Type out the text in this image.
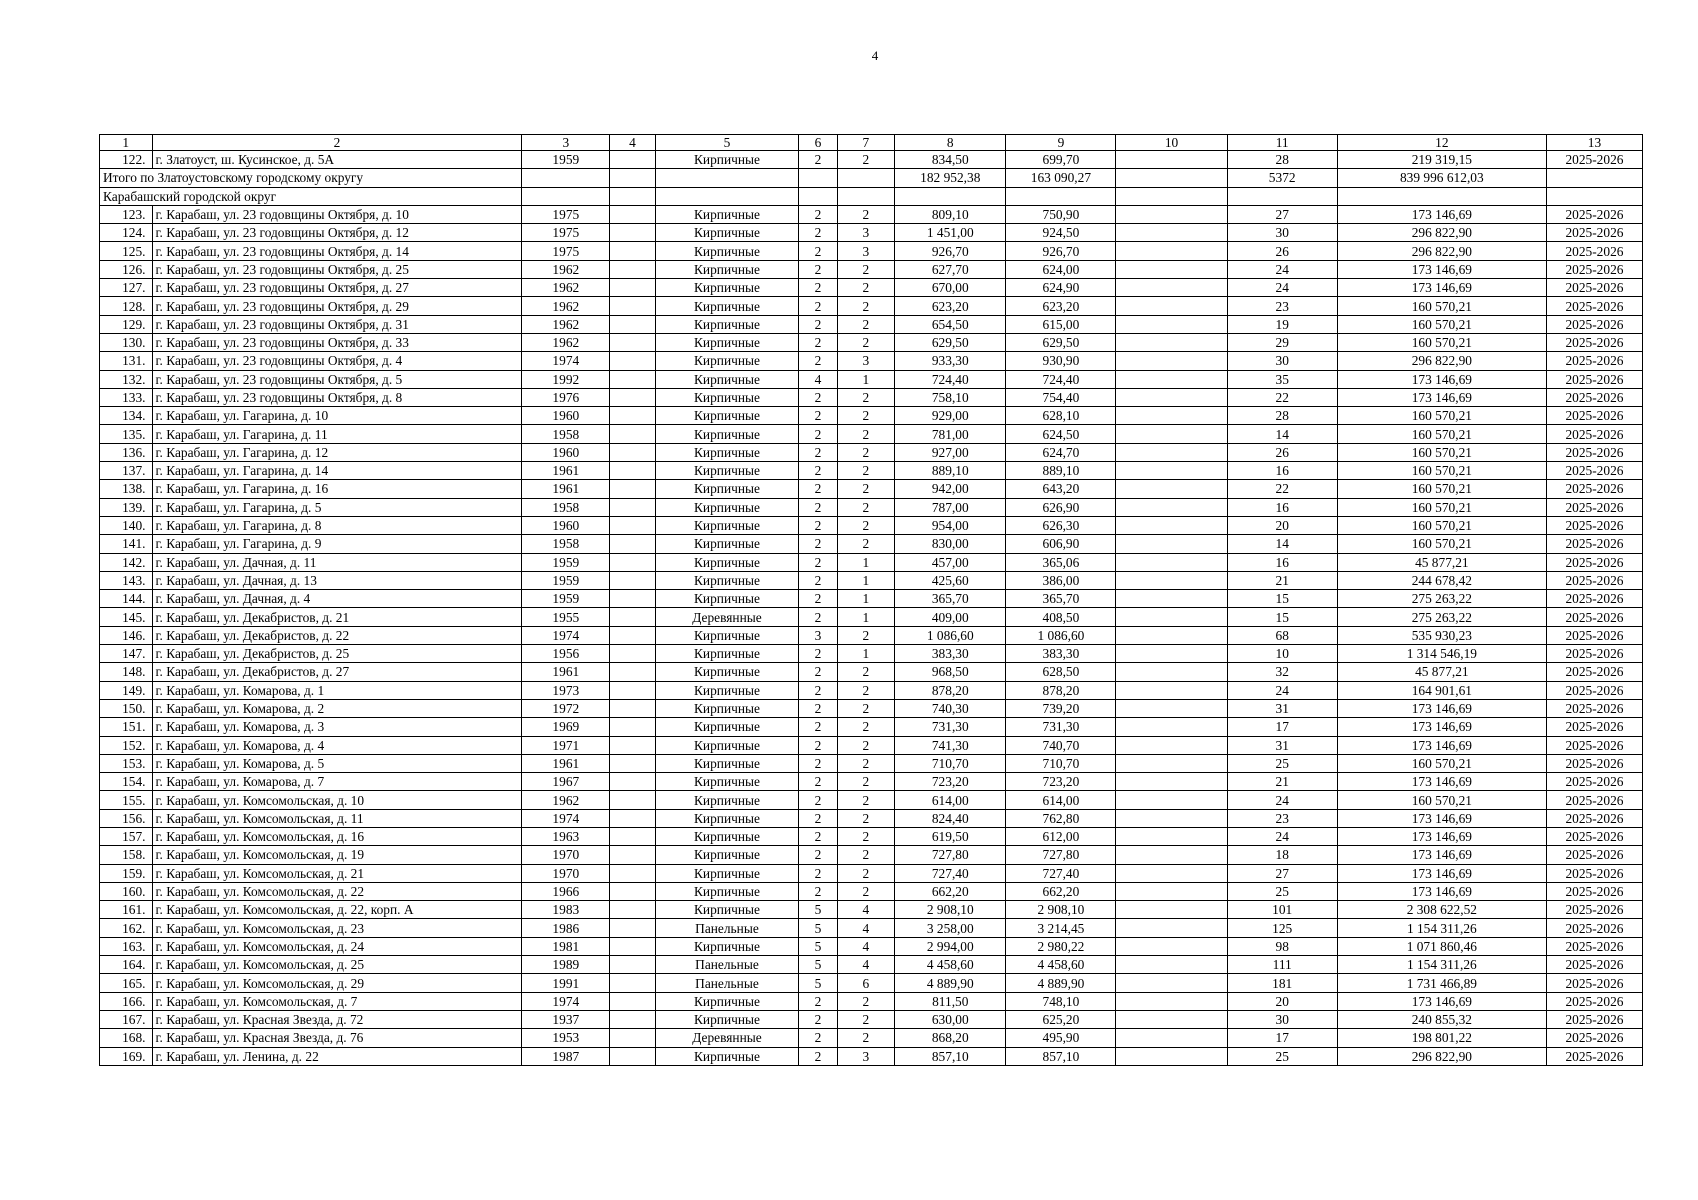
4
1	2	3	4	5	6	7	8	9	10	11	12	13
122.	г. Златоуст, ш. Кусинское, д. 5А	1959		Кирпичные	2	2	834,50	699,70		28	219 319,15	2025-2026
Итого по Златоустовскому городскому округу							182 952,38	163 090,27		5372	839 996 612,03	
Карабашский городской округ												
123.	г. Карабаш, ул. 23 годовщины Октября, д. 10	1975		Кирпичные	2	2	809,10	750,90		27	173 146,69	2025-2026
124.	г. Карабаш, ул. 23 годовщины Октября, д. 12	1975		Кирпичные	2	3	1 451,00	924,50		30	296 822,90	2025-2026
125.	г. Карабаш, ул. 23 годовщины Октября, д. 14	1975		Кирпичные	2	3	926,70	926,70		26	296 822,90	2025-2026
126.	г. Карабаш, ул. 23 годовщины Октября, д. 25	1962		Кирпичные	2	2	627,70	624,00		24	173 146,69	2025-2026
127.	г. Карабаш, ул. 23 годовщины Октября, д. 27	1962		Кирпичные	2	2	670,00	624,90		24	173 146,69	2025-2026
128.	г. Карабаш, ул. 23 годовщины Октября, д. 29	1962		Кирпичные	2	2	623,20	623,20		23	160 570,21	2025-2026
129.	г. Карабаш, ул. 23 годовщины Октября, д. 31	1962		Кирпичные	2	2	654,50	615,00		19	160 570,21	2025-2026
130.	г. Карабаш, ул. 23 годовщины Октября, д. 33	1962		Кирпичные	2	2	629,50	629,50		29	160 570,21	2025-2026
131.	г. Карабаш, ул. 23 годовщины Октября, д. 4	1974		Кирпичные	2	3	933,30	930,90		30	296 822,90	2025-2026
132.	г. Карабаш, ул. 23 годовщины Октября, д. 5	1992		Кирпичные	4	1	724,40	724,40		35	173 146,69	2025-2026
133.	г. Карабаш, ул. 23 годовщины Октября, д. 8	1976		Кирпичные	2	2	758,10	754,40		22	173 146,69	2025-2026
134.	г. Карабаш, ул. Гагарина, д. 10	1960		Кирпичные	2	2	929,00	628,10		28	160 570,21	2025-2026
135.	г. Карабаш, ул. Гагарина, д. 11	1958		Кирпичные	2	2	781,00	624,50		14	160 570,21	2025-2026
136.	г. Карабаш, ул. Гагарина, д. 12	1960		Кирпичные	2	2	927,00	624,70		26	160 570,21	2025-2026
137.	г. Карабаш, ул. Гагарина, д. 14	1961		Кирпичные	2	2	889,10	889,10		16	160 570,21	2025-2026
138.	г. Карабаш, ул. Гагарина, д. 16	1961		Кирпичные	2	2	942,00	643,20		22	160 570,21	2025-2026
139.	г. Карабаш, ул. Гагарина, д. 5	1958		Кирпичные	2	2	787,00	626,90		16	160 570,21	2025-2026
140.	г. Карабаш, ул. Гагарина, д. 8	1960		Кирпичные	2	2	954,00	626,30		20	160 570,21	2025-2026
141.	г. Карабаш, ул. Гагарина, д. 9	1958		Кирпичные	2	2	830,00	606,90		14	160 570,21	2025-2026
142.	г. Карабаш, ул. Дачная, д. 11	1959		Кирпичные	2	1	457,00	365,06		16	45 877,21	2025-2026
143.	г. Карабаш, ул. Дачная, д. 13	1959		Кирпичные	2	1	425,60	386,00		21	244 678,42	2025-2026
144.	г. Карабаш, ул. Дачная, д. 4	1959		Кирпичные	2	1	365,70	365,70		15	275 263,22	2025-2026
145.	г. Карабаш, ул. Декабристов, д. 21	1955		Деревянные	2	1	409,00	408,50		15	275 263,22	2025-2026
146.	г. Карабаш, ул. Декабристов, д. 22	1974		Кирпичные	3	2	1 086,60	1 086,60		68	535 930,23	2025-2026
147.	г. Карабаш, ул. Декабристов, д. 25	1956		Кирпичные	2	1	383,30	383,30		10	1 314 546,19	2025-2026
148.	г. Карабаш, ул. Декабристов, д. 27	1961		Кирпичные	2	2	968,50	628,50		32	45 877,21	2025-2026
149.	г. Карабаш, ул. Комарова, д. 1	1973		Кирпичные	2	2	878,20	878,20		24	164 901,61	2025-2026
150.	г. Карабаш, ул. Комарова, д. 2	1972		Кирпичные	2	2	740,30	739,20		31	173 146,69	2025-2026
151.	г. Карабаш, ул. Комарова, д. 3	1969		Кирпичные	2	2	731,30	731,30		17	173 146,69	2025-2026
152.	г. Карабаш, ул. Комарова, д. 4	1971		Кирпичные	2	2	741,30	740,70		31	173 146,69	2025-2026
153.	г. Карабаш, ул. Комарова, д. 5	1961		Кирпичные	2	2	710,70	710,70		25	160 570,21	2025-2026
154.	г. Карабаш, ул. Комарова, д. 7	1967		Кирпичные	2	2	723,20	723,20		21	173 146,69	2025-2026
155.	г. Карабаш, ул. Комсомольская, д. 10	1962		Кирпичные	2	2	614,00	614,00		24	160 570,21	2025-2026
156.	г. Карабаш, ул. Комсомольская, д. 11	1974		Кирпичные	2	2	824,40	762,80		23	173 146,69	2025-2026
157.	г. Карабаш, ул. Комсомольская, д. 16	1963		Кирпичные	2	2	619,50	612,00		24	173 146,69	2025-2026
158.	г. Карабаш, ул. Комсомольская, д. 19	1970		Кирпичные	2	2	727,80	727,80		18	173 146,69	2025-2026
159.	г. Карабаш, ул. Комсомольская, д. 21	1970		Кирпичные	2	2	727,40	727,40		27	173 146,69	2025-2026
160.	г. Карабаш, ул. Комсомольская, д. 22	1966		Кирпичные	2	2	662,20	662,20		25	173 146,69	2025-2026
161.	г. Карабаш, ул. Комсомольская, д. 22, корп. А	1983		Кирпичные	5	4	2 908,10	2 908,10		101	2 308 622,52	2025-2026
162.	г. Карабаш, ул. Комсомольская, д. 23	1986		Панельные	5	4	3 258,00	3 214,45		125	1 154 311,26	2025-2026
163.	г. Карабаш, ул. Комсомольская, д. 24	1981		Кирпичные	5	4	2 994,00	2 980,22		98	1 071 860,46	2025-2026
164.	г. Карабаш, ул. Комсомольская, д. 25	1989		Панельные	5	4	4 458,60	4 458,60		111	1 154 311,26	2025-2026
165.	г. Карабаш, ул. Комсомольская, д. 29	1991		Панельные	5	6	4 889,90	4 889,90		181	1 731 466,89	2025-2026
166.	г. Карабаш, ул. Комсомольская, д. 7	1974		Кирпичные	2	2	811,50	748,10		20	173 146,69	2025-2026
167.	г. Карабаш, ул. Красная Звезда, д. 72	1937		Кирпичные	2	2	630,00	625,20		30	240 855,32	2025-2026
168.	г. Карабаш, ул. Красная Звезда, д. 76	1953		Деревянные	2	2	868,20	495,90		17	198 801,22	2025-2026
169.	г. Карабаш, ул. Ленина, д. 22	1987		Кирпичные	2	3	857,10	857,10		25	296 822,90	2025-2026
